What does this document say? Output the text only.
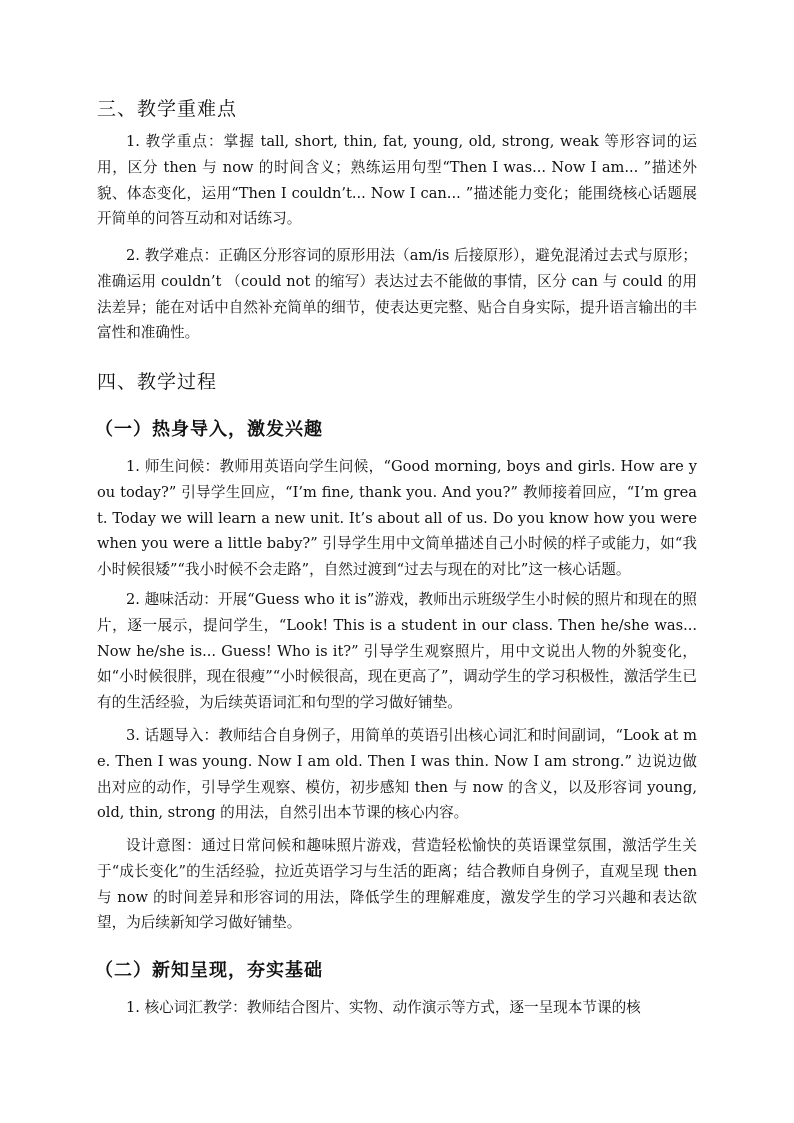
三、教学重难点

1. 教学重点：掌握 tall, short, thin, fat, young, old, strong, weak 等形容词的运用，区分 then 与 now 的时间含义；熟练运用句型“Then I was... Now I am... ”描述外貌、体态变化，运用“Then I couldn’t... Now I can... ”描述能力变化；能围绕核心话题展开简单的问答互动和对话练习。

2. 教学难点：正确区分形容词的原形用法（am/is 后接原形），避免混淆过去式与原形；准确运用 couldn’t （could not 的缩写）表达过去不能做的事情，区分 can 与 could 的用法差异；能在对话中自然补充简单的细节，使表达更完整、贴合自身实际，提升语言输出的丰富性和准确性。

四、教学过程
（一）热身导入，激发兴趣

1. 师生问候：教师用英语向学生问候，“Good morning, boys and girls. How are you today?” 引导学生回应，“I’m fine, thank you. And you?” 教师接着回应，“I’m great. Today we will learn a new unit. It’s about all of us. Do you know how you were when you were a little baby?” 引导学生用中文简单描述自己小时候的样子或能力，如“我小时候很矮”“我小时候不会走路”，自然过渡到“过去与现在的对比”这一核心话题。

2. 趣味活动：开展“Guess who it is”游戏，教师出示班级学生小时候的照片和现在的照片，逐一展示，提问学生，“Look! This is a student in our class. Then he/she was... Now he/she is... Guess! Who is it?” 引导学生观察照片，用中文说出人物的外貌变化，如“小时候很胖，现在很瘦”“小时候很高，现在更高了”，调动学生的学习积极性，激活学生已有的生活经验，为后续英语词汇和句型的学习做好铺垫。

3. 话题导入：教师结合自身例子，用简单的英语引出核心词汇和时间副词，“Look at me. Then I was young. Now I am old. Then I was thin. Now I am strong.” 边说边做出对应的动作，引导学生观察、模仿，初步感知 then 与 now 的含义，以及形容词 young, old, thin, strong 的用法，自然引出本节课的核心内容。

设计意图：通过日常问候和趣味照片游戏，营造轻松愉快的英语课堂氛围，激活学生关于“成长变化”的生活经验，拉近英语学习与生活的距离；结合教师自身例子，直观呈现 then 与 now 的时间差异和形容词的用法，降低学生的理解难度，激发学生的学习兴趣和表达欲望，为后续新知学习做好铺垫。

（二）新知呈现，夯实基础

1. 核心词汇教学：教师结合图片、实物、动作演示等方式，逐一呈现本节课的核
